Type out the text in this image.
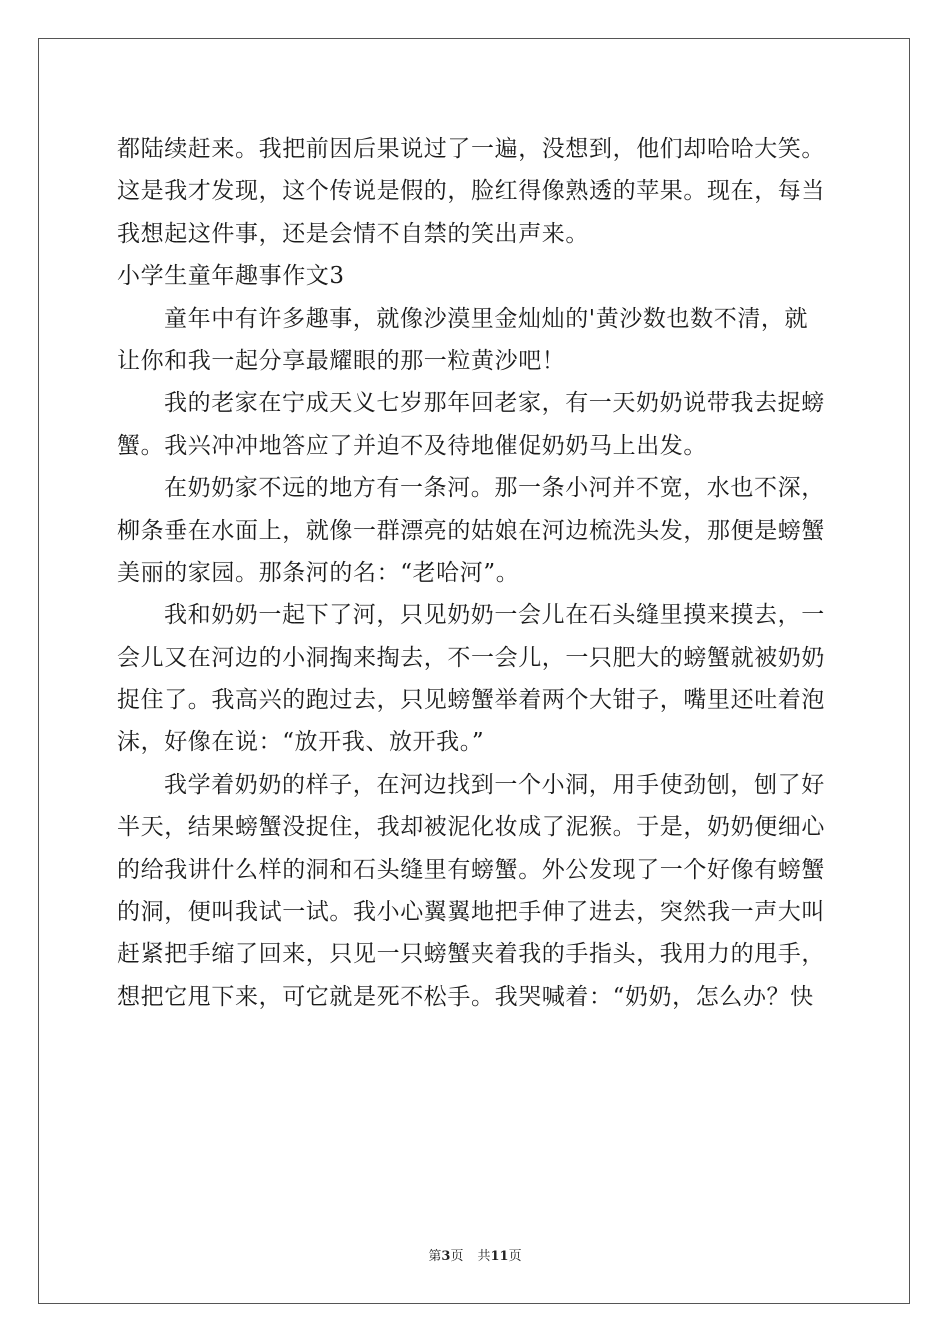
都陆续赶来。我把前因后果说过了一遍，没想到，他们却哈哈大笑。
这是我才发现，这个传说是假的，脸红得像熟透的苹果。现在，每当
我想起这件事，还是会情不自禁的笑出声来。
小学生童年趣事作文3
童年中有许多趣事，就像沙漠里金灿灿的'黄沙数也数不清，就
让你和我一起分享最耀眼的那一粒黄沙吧！
我的老家在宁成天义七岁那年回老家，有一天奶奶说带我去捉螃
蟹。我兴冲冲地答应了并迫不及待地催促奶奶马上出发。
在奶奶家不远的地方有一条河。那一条小河并不宽，水也不深，
柳条垂在水面上，就像一群漂亮的姑娘在河边梳洗头发，那便是螃蟹
美丽的家园。那条河的名：“老哈河”。
我和奶奶一起下了河，只见奶奶一会儿在石头缝里摸来摸去，一
会儿又在河边的小洞掏来掏去，不一会儿，一只肥大的螃蟹就被奶奶
捉住了。我高兴的跑过去，只见螃蟹举着两个大钳子，嘴里还吐着泡
沫，好像在说：“放开我、放开我。”
我学着奶奶的样子，在河边找到一个小洞，用手使劲刨，刨了好
半天，结果螃蟹没捉住，我却被泥化妆成了泥猴。于是，奶奶便细心
的给我讲什么样的洞和石头缝里有螃蟹。外公发现了一个好像有螃蟹
的洞，便叫我试一试。我小心翼翼地把手伸了进去，突然我一声大叫
赶紧把手缩了回来，只见一只螃蟹夹着我的手指头，我用力的甩手，
想把它甩下来，可它就是死不松手。我哭喊着：“奶奶，怎么办？快
第3页 共11页
